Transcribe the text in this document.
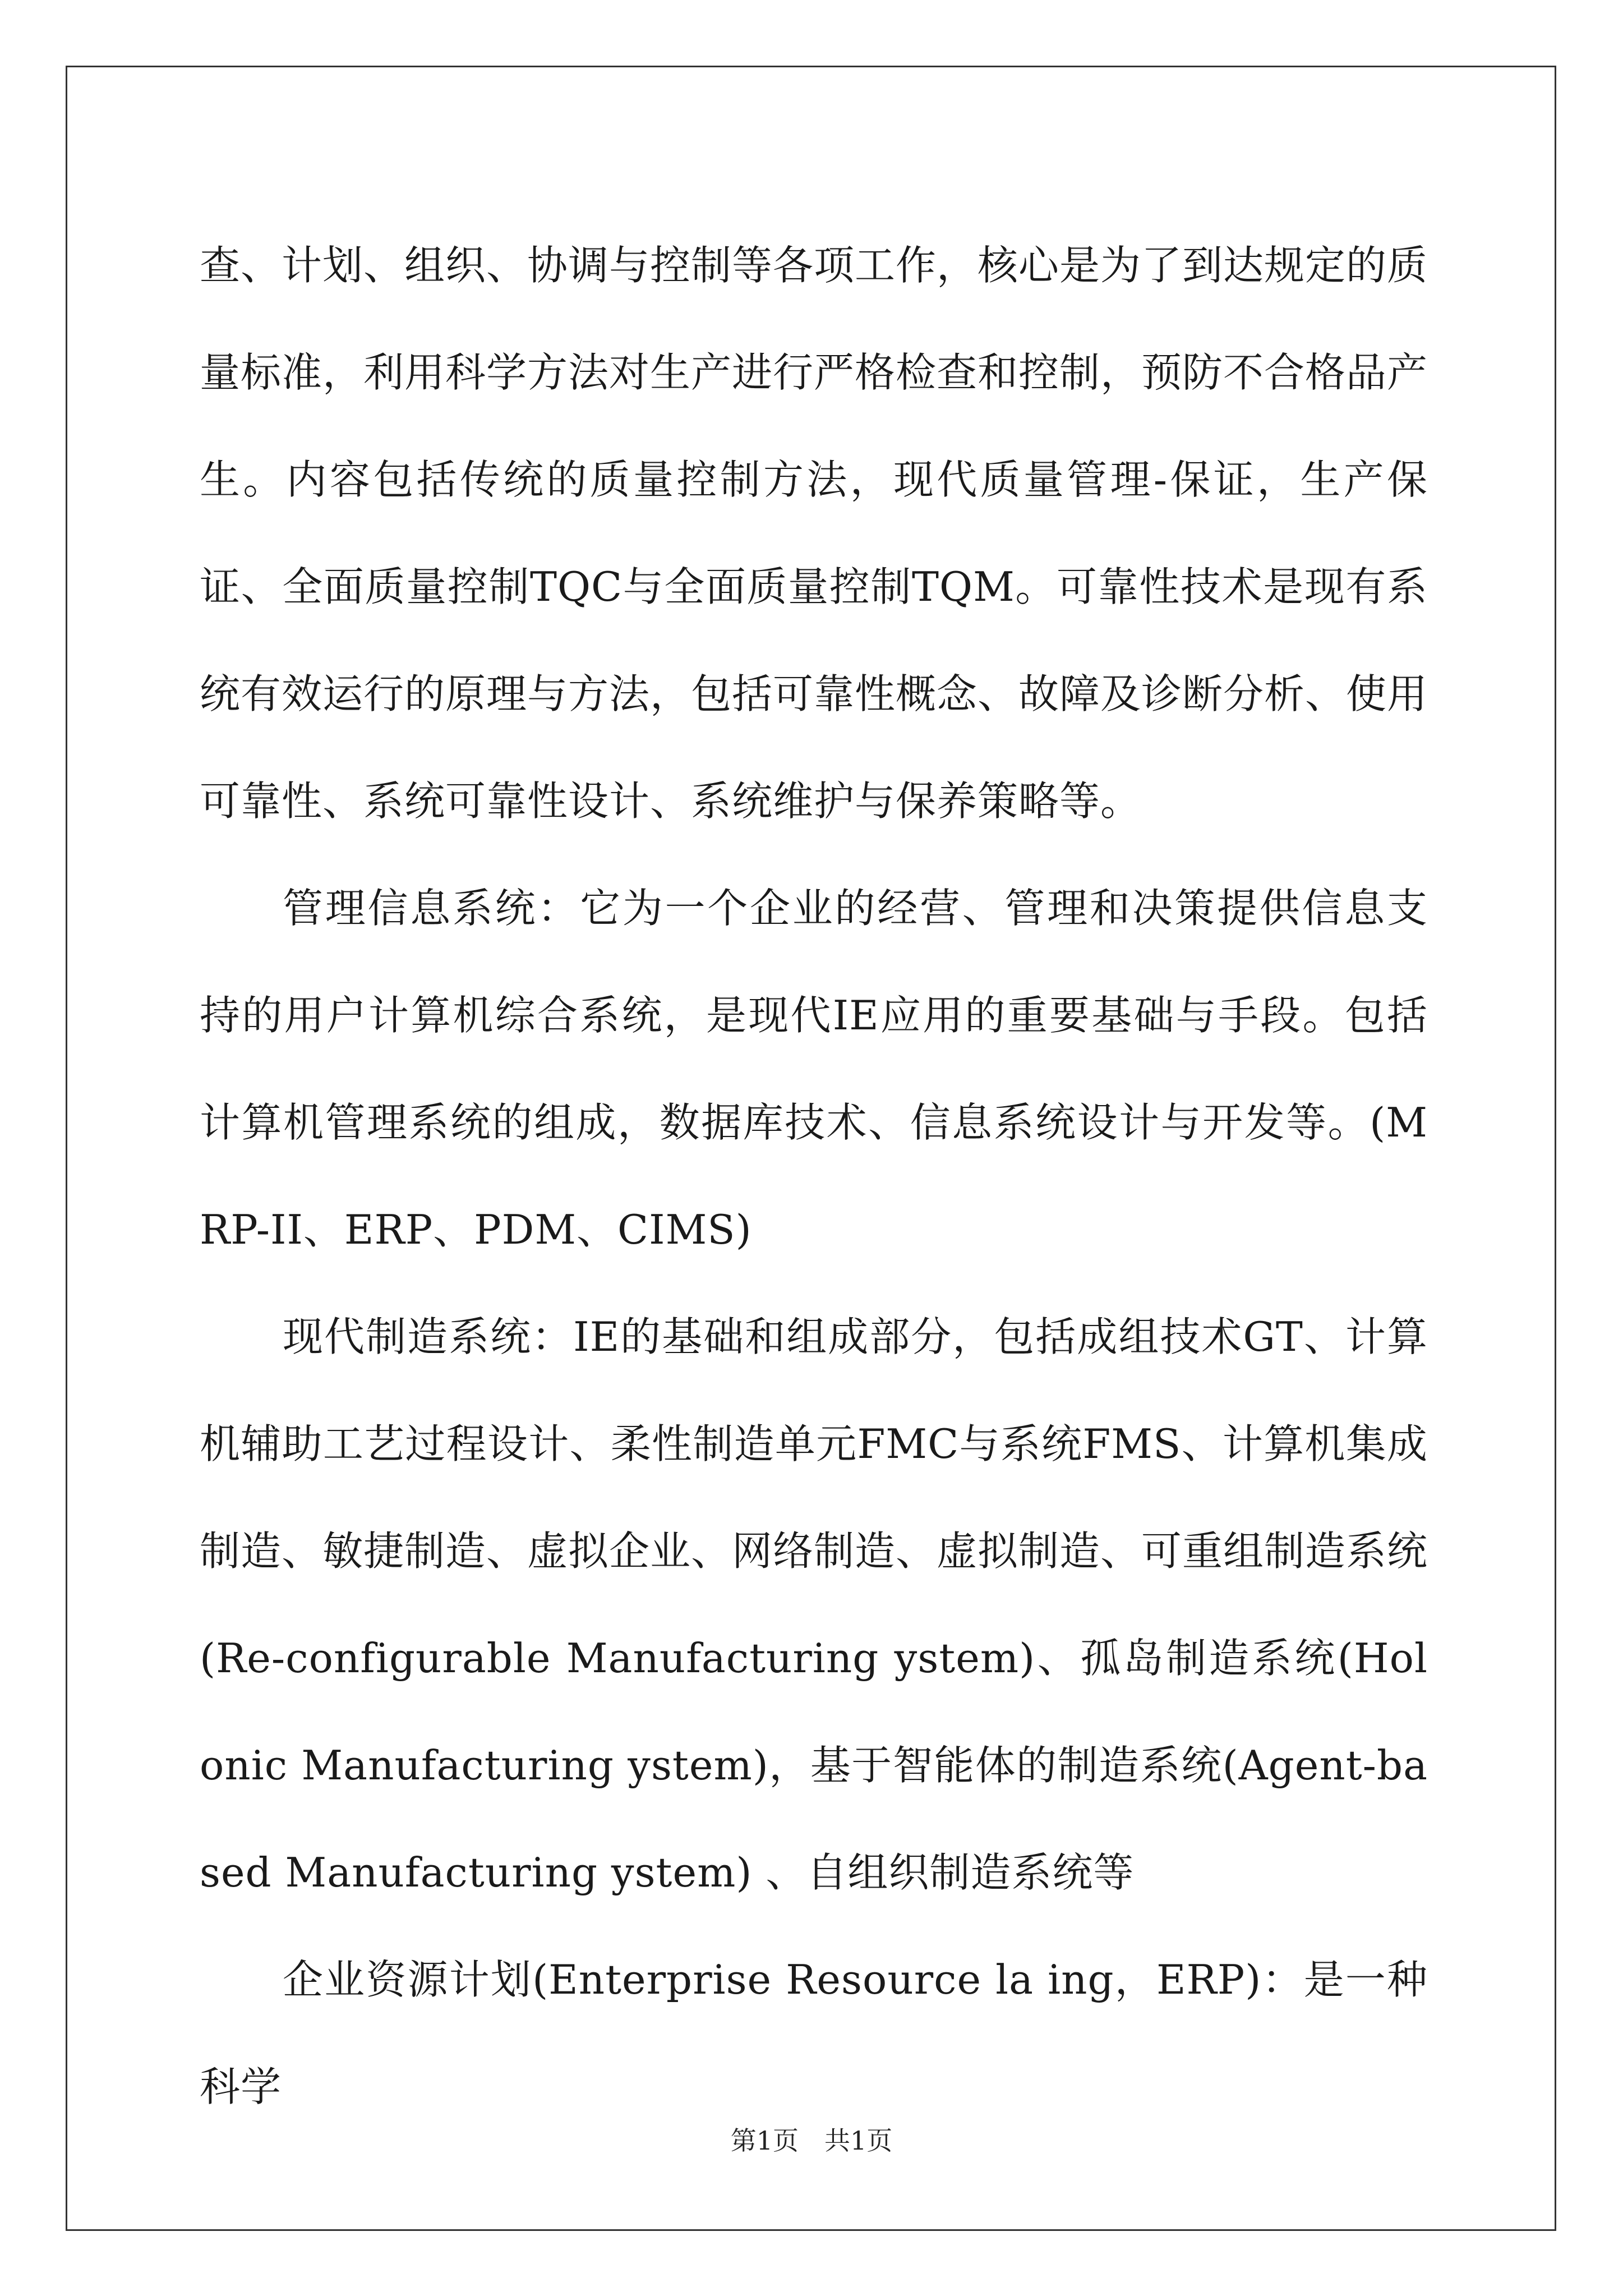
查、计划、组织、协调与控制等各项工作，核心是为了到达规定的质量标准，利用科学方法对生产进行严格检查和控制，预防不合格品产生。内容包括传统的质量控制方法，现代质量管理-保证，生产保证、全面质量控制TQC与全面质量控制TQM。可靠性技术是现有系统有效运行的原理与方法，包括可靠性概念、故障及诊断分析、使用可靠性、系统可靠性设计、系统维护与保养策略等。

管理信息系统：它为一个企业的经营、管理和决策提供信息支持的用户计算机综合系统，是现代IE应用的重要基础与手段。包括计算机管理系统的组成，数据库技术、信息系统设计与开发等。(MRP-II、ERP、PDM、CIMS)

现代制造系统：IE的基础和组成部分，包括成组技术GT、计算机辅助工艺过程设计、柔性制造单元FMC与系统FMS、计算机集成制造、敏捷制造、虚拟企业、网络制造、虚拟制造、可重组制造系统(Re-configurable Manufacturing ystem)、孤岛制造系统(Holonic Manufacturing ystem)，基于智能体的制造系统(Agent-based Manufacturing ystem) 、自组织制造系统等

企业资源计划(Enterprise Resource la ing，ERP)：是一种科学

第1页 共1页
